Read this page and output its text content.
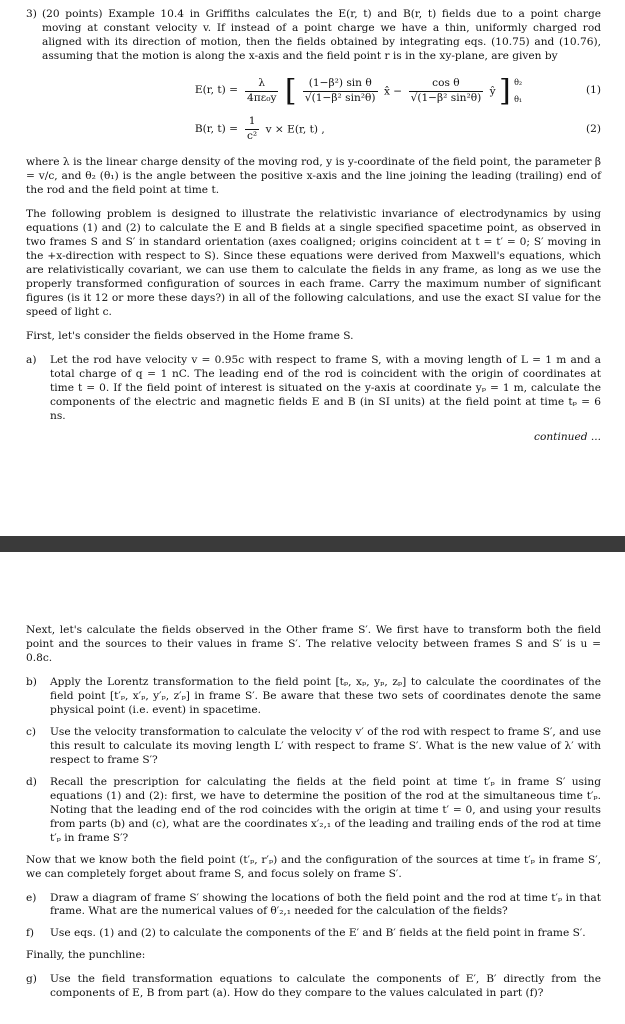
3) (20 points) Example 10.4 in Griffiths calculates the E(r, t) and B(r, t) fields due to a point charge moving at constant velocity v. If instead of a point charge we have a thin, uniformly charged rod aligned with its direction of motion, then the fields obtained by integrating eqs. (10.75) and (10.76), assuming that the motion is along the x-axis and the field point r is in the xy-plane, are given by
E(r, $t) = \frac{\lambda}{\text{4πε₀y}}$ [ $\frac{\text{(1−β²) sin θ}}{\text{√(1−β² sin²θ)}}$ x̂ − $\frac{\text{cos θ}}{\text{√(1−β² sin²θ)}}$ ŷ ] θ₂
θ₁
(1)
B(r, $t) = \frac{1}{\text{c²}}$ v × E(r, t) ,	(2)

where λ is the linear charge density of the moving rod, y is y-coordinate of the field point, the parameter β = v/c, and θ₂ (θ₁) is the angle between the positive x-axis and the line joining the leading (trailing) end of the rod and the field point at time t.

The following problem is designed to illustrate the relativistic invariance of electrodynamics by using equations (1) and (2) to calculate the E and B fields at a single specified spacetime point, as observed in two frames S and S′ in standard orientation (axes coaligned; origins coincident at t = t′ = 0; S′ moving in the +x-direction with respect to S). Since these equations were derived from Maxwell's equations, which are relativistically covariant, we can use them to calculate the fields in any frame, as long as we use the properly transformed configuration of sources in each frame. Carry the maximum number of significant figures (is it 12 or more these days?) in all of the following calculations, and use the exact SI value for the speed of light c.

First, let's consider the fields observed in the Home frame S.

a)	Let the rod have velocity v = 0.95c with respect to frame S, with a moving length of L = 1 m and a total charge of q = 1 nC. The leading end of the rod is coincident with the origin of coordinates at time t = 0. If the field point of interest is situated on the y-axis at coordinate yₚ = 1 m, calculate the components of the electric and magnetic fields E and B (in SI units) at the field point at time tₚ = 6 ns.
continued ...

Next, let's calculate the fields observed in the Other frame S′. We first have to transform both the field point and the sources to their values in frame S′. The relative velocity between frames S and S′ is u = 0.8c.

b)	Apply the Lorentz transformation to the field point [tₚ, xₚ, yₚ, zₚ] to calculate the coordinates of the field point [t′ₚ, x′ₚ, y′ₚ, z′ₚ] in frame S′. Be aware that these two sets of coordinates denote the same physical point (i.e. event) in spacetime.
c)	Use the velocity transformation to calculate the velocity v′ of the rod with respect to frame S′, and use this result to calculate its moving length L′ with respect to frame S′. What is the new value of λ′ with respect to frame S′?
d)	Recall the prescription for calculating the fields at the field point at time t′ₚ in frame S′ using equations (1) and (2): first, we have to determine the position of the rod at the simultaneous time t′ₚ. Noting that the leading end of the rod coincides with the origin at time t′ = 0, and using your results from parts (b) and (c), what are the coordinates x′₂,₁ of the leading and trailing ends of the rod at time t′ₚ in frame S′?

Now that we know both the field point (t′ₚ, r′ₚ) and the configuration of the sources at time t′ₚ in frame S′, we can completely forget about frame S, and focus solely on frame S′.

e)	Draw a diagram of frame S′ showing the locations of both the field point and the rod at time t′ₚ in that frame. What are the numerical values of θ′₂,₁ needed for the calculation of the fields?
f)	Use eqs. (1) and (2) to calculate the components of the E′ and B′ fields at the field point in frame S′.

Finally, the punchline:

g)	Use the field transformation equations to calculate the components of E′, B′ directly from the components of E, B from part (a). How do they compare to the values calculated in part (f)?
